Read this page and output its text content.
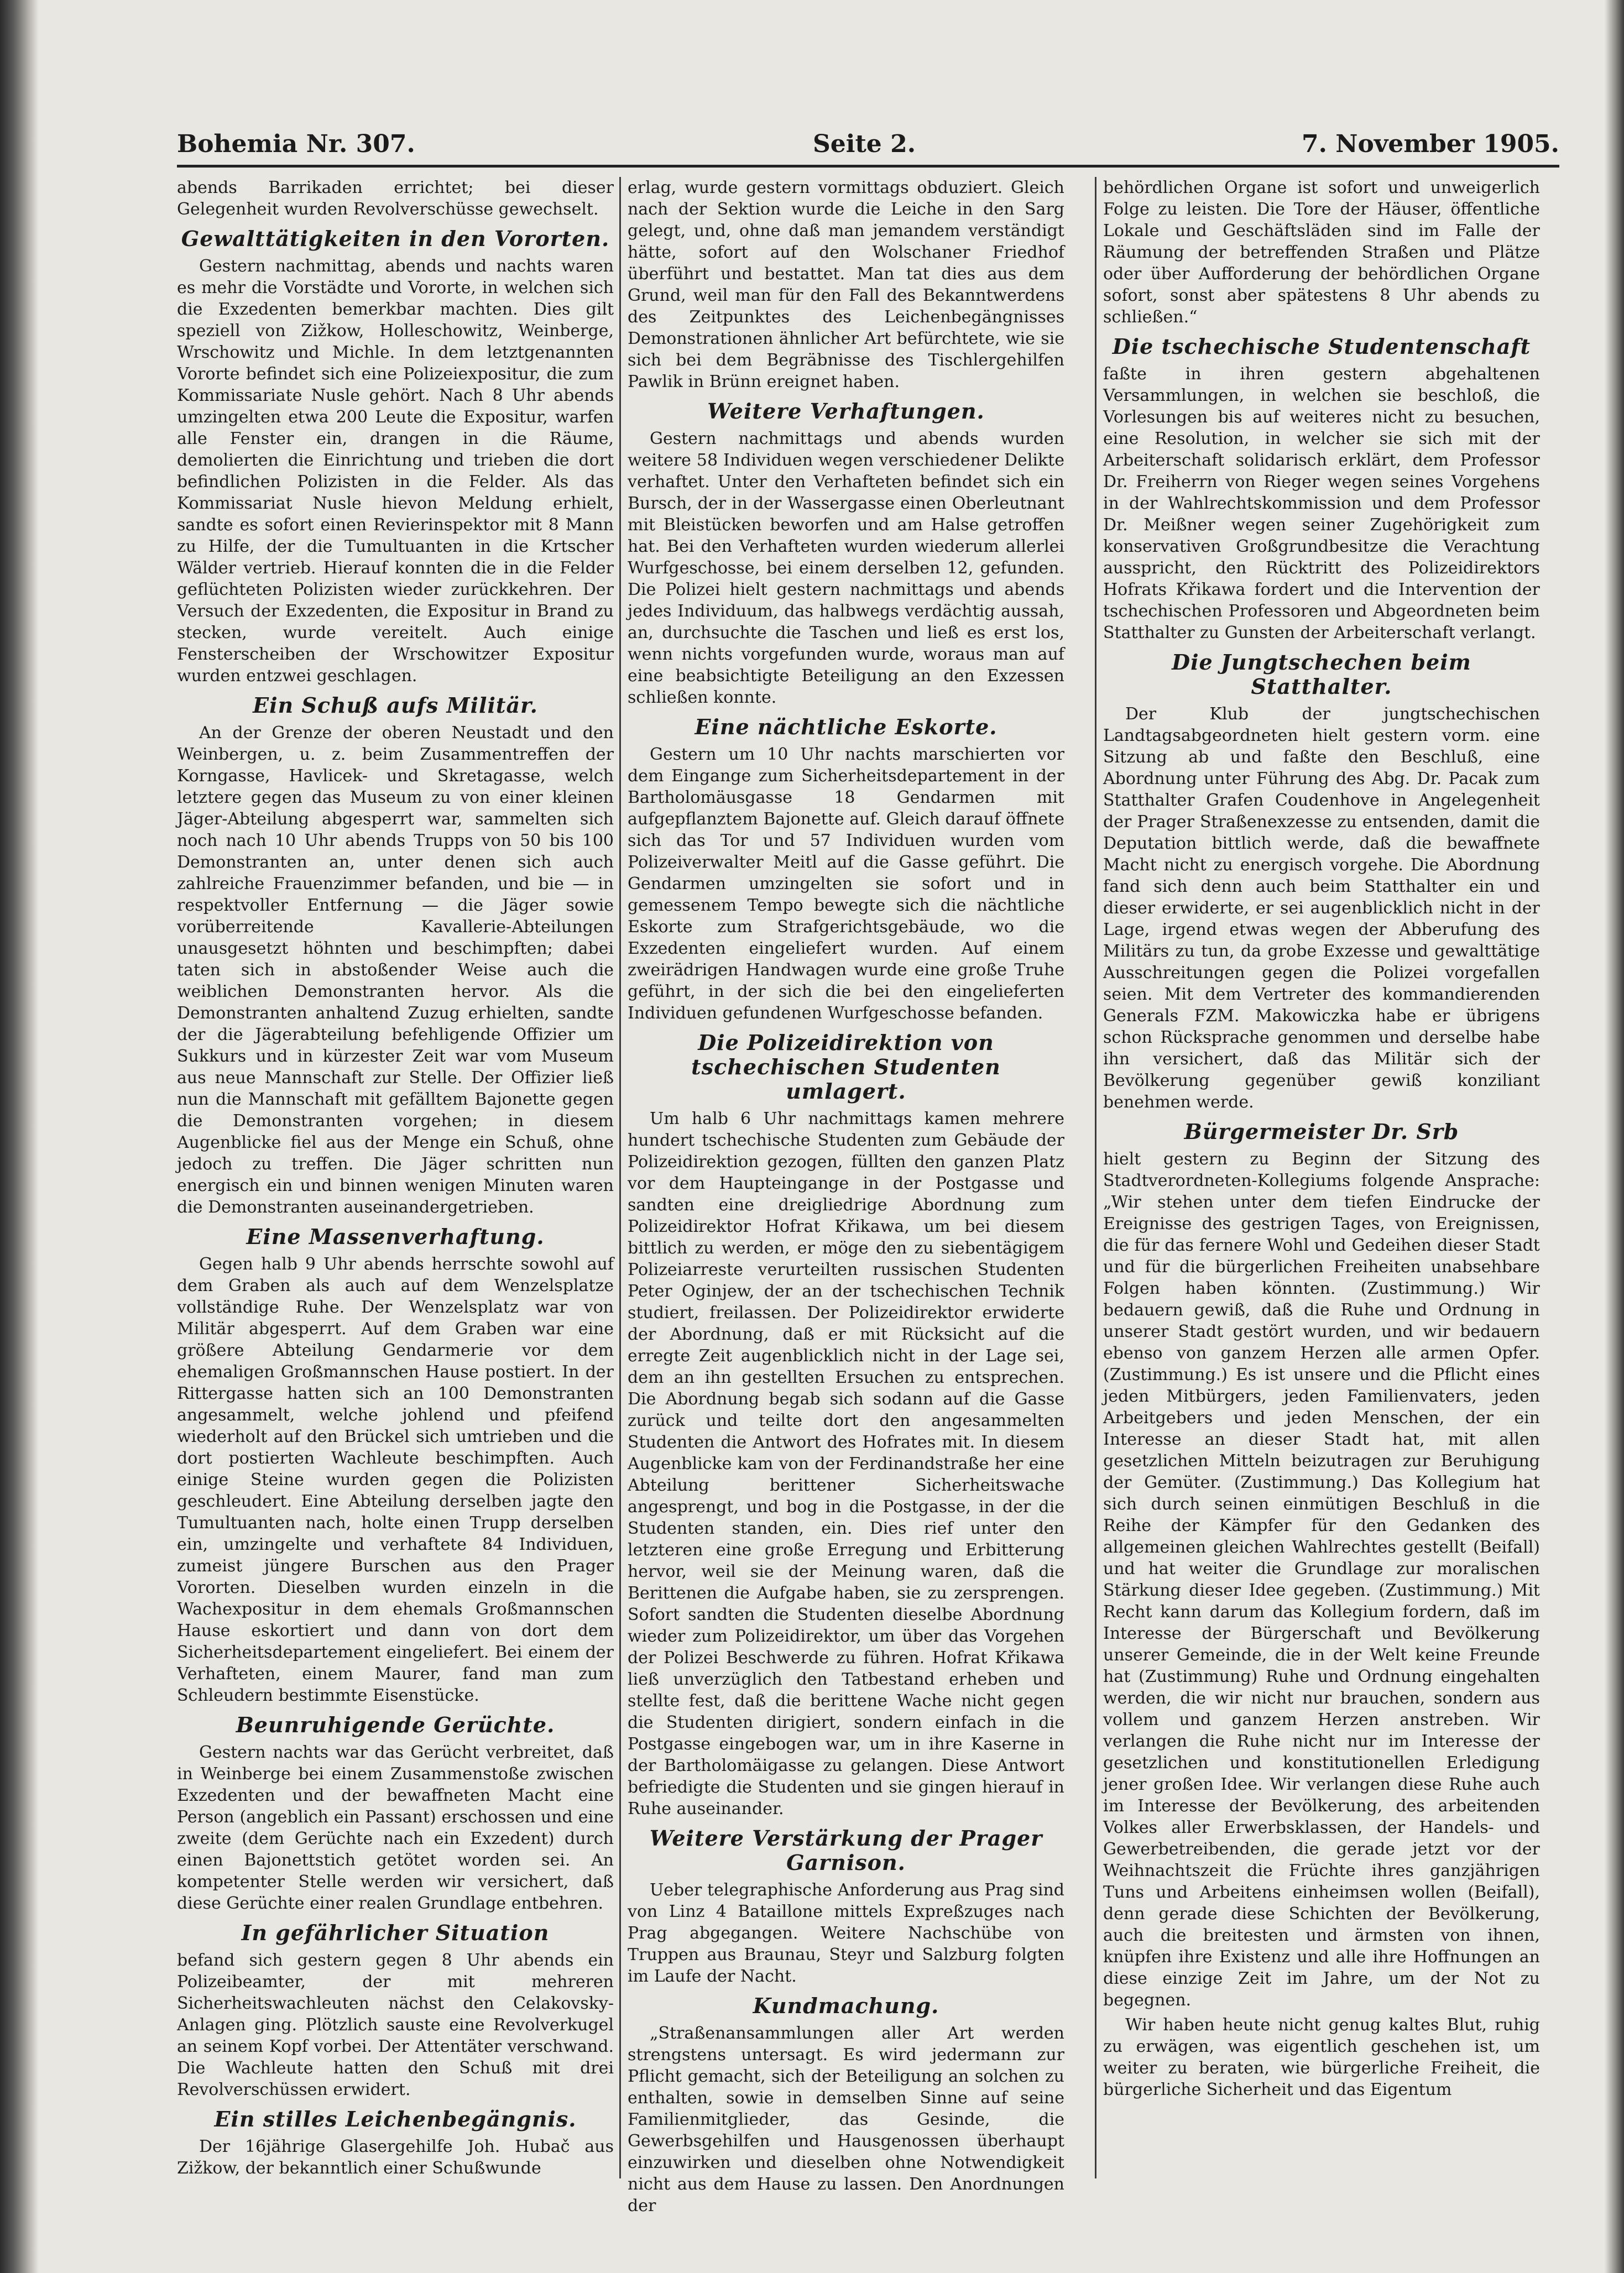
Bohemia Nr. 307.	Seite 2.	7. November 1905.

abends Barrikaden errichtet; bei dieser Gelegenheit wurden Revolverschüsse gewechselt.

Gewalttätigkeiten in den Vororten.

Gestern nachmittag, abends und nachts waren es mehr die Vorstädte und Vororte, in welchen sich die Exzedenten bemerkbar machten. Dies gilt speziell von Zižkow, Holleschowitz, Weinberge, Wrschowitz und Michle. In dem letztgenannten Vororte befindet sich eine Polizeiexpositur, die zum Kommissariate Nusle gehört. Nach 8 Uhr abends umzingelten etwa 200 Leute die Expositur, warfen alle Fenster ein, drangen in die Räume, demolierten die Einrichtung und trieben die dort befindlichen Polizisten in die Felder. Als das Kommissariat Nusle hievon Meldung erhielt, sandte es sofort einen Revierinspektor mit 8 Mann zu Hilfe, der die Tumultuanten in die Krtscher Wälder vertrieb. Hierauf konnten die in die Felder geflüchteten Polizisten wieder zurückkehren. Der Versuch der Exzedenten, die Expositur in Brand zu stecken, wurde vereitelt. Auch einige Fensterscheiben der Wrschowitzer Expositur wurden entzwei geschlagen.

Ein Schuß aufs Militär.

An der Grenze der oberen Neustadt und den Weinbergen, u. z. beim Zusammentreffen der Korngasse, Havlicek- und Skretagasse, welch letztere gegen das Museum zu von einer kleinen Jäger-Abteilung abgesperrt war, sammelten sich noch nach 10 Uhr abends Trupps von 50 bis 100 Demonstranten an, unter denen sich auch zahlreiche Frauenzimmer befanden, und bie — in respektvoller Entfernung — die Jäger sowie vorüberreitende Kavallerie-Abteilungen unausgesetzt höhnten und beschimpften; dabei taten sich in abstoßender Weise auch die weiblichen Demonstranten hervor. Als die Demonstranten anhaltend Zuzug erhielten, sandte der die Jägerabteilung befehligende Offizier um Sukkurs und in kürzester Zeit war vom Museum aus neue Mannschaft zur Stelle. Der Offizier ließ nun die Mannschaft mit gefälltem Bajonette gegen die Demonstranten vorgehen; in diesem Augenblicke fiel aus der Menge ein Schuß, ohne jedoch zu treffen. Die Jäger schritten nun energisch ein und binnen wenigen Minuten waren die Demonstranten auseinandergetrieben.

Eine Massenverhaftung.

Gegen halb 9 Uhr abends herrschte sowohl auf dem Graben als auch auf dem Wenzelsplatze vollständige Ruhe. Der Wenzelsplatz war von Militär abgesperrt. Auf dem Graben war eine größere Abteilung Gendarmerie vor dem ehemaligen Großmannschen Hause postiert. In der Rittergasse hatten sich an 100 Demonstranten angesammelt, welche johlend und pfeifend wiederholt auf den Brückel sich umtrieben und die dort postierten Wachleute beschimpften. Auch einige Steine wurden gegen die Polizisten geschleudert. Eine Abteilung derselben jagte den Tumultuanten nach, holte einen Trupp derselben ein, umzingelte und verhaftete 84 Individuen, zumeist jüngere Burschen aus den Prager Vororten. Dieselben wurden einzeln in die Wachexpositur in dem ehemals Großmannschen Hause eskortiert und dann von dort dem Sicherheitsdepartement eingeliefert. Bei einem der Verhafteten, einem Maurer, fand man zum Schleudern bestimmte Eisenstücke.

Beunruhigende Gerüchte.

Gestern nachts war das Gerücht verbreitet, daß in Weinberge bei einem Zusammenstoße zwischen Exzedenten und der bewaffneten Macht eine Person (angeblich ein Passant) erschossen und eine zweite (dem Gerüchte nach ein Exzedent) durch einen Bajonettstich getötet worden sei. An kompetenter Stelle werden wir versichert, daß diese Gerüchte einer realen Grundlage entbehren.

In gefährlicher Situation

befand sich gestern gegen 8 Uhr abends ein Polizeibeamter, der mit mehreren Sicherheitswachleuten nächst den Celakovsky-Anlagen ging. Plötzlich sauste eine Revolverkugel an seinem Kopf vorbei. Der Attentäter verschwand. Die Wachleute hatten den Schuß mit drei Revolverschüssen erwidert.

Ein stilles Leichenbegängnis.

Der 16jährige Glasergehilfe Joh. Hubač aus Zižkow, der bekanntlich einer Schußwunde

erlag, wurde gestern vormittags obduziert. Gleich nach der Sektion wurde die Leiche in den Sarg gelegt, und, ohne daß man jemandem verständigt hätte, sofort auf den Wolschaner Friedhof überführt und bestattet. Man tat dies aus dem Grund, weil man für den Fall des Bekanntwerdens des Zeitpunktes des Leichenbegängnisses Demonstrationen ähnlicher Art befürchtete, wie sie sich bei dem Begräbnisse des Tischlergehilfen Pawlik in Brünn ereignet haben.

Weitere Verhaftungen.

Gestern nachmittags und abends wurden weitere 58 Individuen wegen verschiedener Delikte verhaftet. Unter den Verhafteten befindet sich ein Bursch, der in der Wassergasse einen Oberleutnant mit Bleistücken beworfen und am Halse getroffen hat. Bei den Verhafteten wurden wiederum allerlei Wurfgeschosse, bei einem derselben 12, gefunden. Die Polizei hielt gestern nachmittags und abends jedes Individuum, das halbwegs verdächtig aussah, an, durchsuchte die Taschen und ließ es erst los, wenn nichts vorgefunden wurde, woraus man auf eine beabsichtigte Beteiligung an den Exzessen schließen konnte.

Eine nächtliche Eskorte.

Gestern um 10 Uhr nachts marschierten vor dem Eingange zum Sicherheitsdepartement in der Bartholomäusgasse 18 Gendarmen mit aufgepflanztem Bajonette auf. Gleich darauf öffnete sich das Tor und 57 Individuen wurden vom Polizeiverwalter Meitl auf die Gasse geführt. Die Gendarmen umzingelten sie sofort und in gemessenem Tempo bewegte sich die nächtliche Eskorte zum Strafgerichtsgebäude, wo die Exzedenten eingeliefert wurden. Auf einem zweirädrigen Handwagen wurde eine große Truhe geführt, in der sich die bei den eingelieferten Individuen gefundenen Wurfgeschosse befanden.

Die Polizeidirektion von tschechischen Studenten umlagert.

Um halb 6 Uhr nachmittags kamen mehrere hundert tschechische Studenten zum Gebäude der Polizeidirektion gezogen, füllten den ganzen Platz vor dem Haupteingange in der Postgasse und sandten eine dreigliedrige Abordnung zum Polizeidirektor Hofrat Křikawa, um bei diesem bittlich zu werden, er möge den zu siebentägigem Polizeiarreste verurteilten russischen Studenten Peter Oginjew, der an der tschechischen Technik studiert, freilassen. Der Polizeidirektor erwiderte der Abordnung, daß er mit Rücksicht auf die erregte Zeit augenblicklich nicht in der Lage sei, dem an ihn gestellten Ersuchen zu entsprechen. Die Abordnung begab sich sodann auf die Gasse zurück und teilte dort den angesammelten Studenten die Antwort des Hofrates mit. In diesem Augenblicke kam von der Ferdinandstraße her eine Abteilung berittener Sicherheitswache angesprengt, und bog in die Postgasse, in der die Studenten standen, ein. Dies rief unter den letzteren eine große Erregung und Erbitterung hervor, weil sie der Meinung waren, daß die Berittenen die Aufgabe haben, sie zu zersprengen. Sofort sandten die Studenten dieselbe Abordnung wieder zum Polizeidirektor, um über das Vorgehen der Polizei Beschwerde zu führen. Hofrat Křikawa ließ unverzüglich den Tatbestand erheben und stellte fest, daß die berittene Wache nicht gegen die Studenten dirigiert, sondern einfach in die Postgasse eingebogen war, um in ihre Kaserne in der Bartholomäigasse zu gelangen. Diese Antwort befriedigte die Studenten und sie gingen hierauf in Ruhe auseinander.

Weitere Verstärkung der Prager Garnison.

Ueber telegraphische Anforderung aus Prag sind von Linz 4 Bataillone mittels Expreßzuges nach Prag abgegangen. Weitere Nachschübe von Truppen aus Braunau, Steyr und Salzburg folgten im Laufe der Nacht.

Kundmachung.

„Straßenansammlungen aller Art werden strengstens untersagt. Es wird jedermann zur Pflicht gemacht, sich der Beteiligung an solchen zu enthalten, sowie in demselben Sinne auf seine Familienmitglieder, das Gesinde, die Gewerbsgehilfen und Hausgenossen überhaupt einzuwirken und dieselben ohne Notwendigkeit nicht aus dem Hause zu lassen. Den Anordnungen der

behördlichen Organe ist sofort und unweigerlich Folge zu leisten. Die Tore der Häuser, öffentliche Lokale und Geschäftsläden sind im Falle der Räumung der betreffenden Straßen und Plätze oder über Aufforderung der behördlichen Organe sofort, sonst aber spätestens 8 Uhr abends zu schließen.“

Die tschechische Studentenschaft

faßte in ihren gestern abgehaltenen Versammlungen, in welchen sie beschloß, die Vorlesungen bis auf weiteres nicht zu besuchen, eine Resolution, in welcher sie sich mit der Arbeiterschaft solidarisch erklärt, dem Professor Dr. Freiherrn von Rieger wegen seines Vorgehens in der Wahlrechtskommission und dem Professor Dr. Meißner wegen seiner Zugehörigkeit zum konservativen Großgrundbesitze die Verachtung ausspricht, den Rücktritt des Polizeidirektors Hofrats Křikawa fordert und die Intervention der tschechischen Professoren und Abgeordneten beim Statthalter zu Gunsten der Arbeiterschaft verlangt.

Die Jungtschechen beim Statthalter.

Der Klub der jungtschechischen Landtagsabgeordneten hielt gestern vorm. eine Sitzung ab und faßte den Beschluß, eine Abordnung unter Führung des Abg. Dr. Pacak zum Statthalter Grafen Coudenhove in Angelegenheit der Prager Straßenexzesse zu entsenden, damit die Deputation bittlich werde, daß die bewaffnete Macht nicht zu energisch vorgehe. Die Abordnung fand sich denn auch beim Statthalter ein und dieser erwiderte, er sei augenblicklich nicht in der Lage, irgend etwas wegen der Abberufung des Militärs zu tun, da grobe Exzesse und gewalttätige Ausschreitungen gegen die Polizei vorgefallen seien. Mit dem Vertreter des kommandierenden Generals FZM. Makowiczka habe er übrigens schon Rücksprache genommen und derselbe habe ihn versichert, daß das Militär sich der Bevölkerung gegenüber gewiß konziliant benehmen werde.

Bürgermeister Dr. Srb

hielt gestern zu Beginn der Sitzung des Stadtverordneten-Kollegiums folgende Ansprache: „Wir stehen unter dem tiefen Eindrucke der Ereignisse des gestrigen Tages, von Ereignissen, die für das fernere Wohl und Gedeihen dieser Stadt und für die bürgerlichen Freiheiten unabsehbare Folgen haben könnten. (Zustimmung.) Wir bedauern gewiß, daß die Ruhe und Ordnung in unserer Stadt gestört wurden, und wir bedauern ebenso von ganzem Herzen alle armen Opfer. (Zustimmung.) Es ist unsere und die Pflicht eines jeden Mitbürgers, jeden Familienvaters, jeden Arbeitgebers und jeden Menschen, der ein Interesse an dieser Stadt hat, mit allen gesetzlichen Mitteln beizutragen zur Beruhigung der Gemüter. (Zustimmung.) Das Kollegium hat sich durch seinen einmütigen Beschluß in die Reihe der Kämpfer für den Gedanken des allgemeinen gleichen Wahlrechtes gestellt (Beifall) und hat weiter die Grundlage zur moralischen Stärkung dieser Idee gegeben. (Zustimmung.) Mit Recht kann darum das Kollegium fordern, daß im Interesse der Bürgerschaft und Bevölkerung unserer Gemeinde, die in der Welt keine Freunde hat (Zustimmung) Ruhe und Ordnung eingehalten werden, die wir nicht nur brauchen, sondern aus vollem und ganzem Herzen anstreben. Wir verlangen die Ruhe nicht nur im Interesse der gesetzlichen und konstitutionellen Erledigung jener großen Idee. Wir verlangen diese Ruhe auch im Interesse der Bevölkerung, des arbeitenden Volkes aller Erwerbsklassen, der Handels- und Gewerbetreibenden, die gerade jetzt vor der Weihnachtszeit die Früchte ihres ganzjährigen Tuns und Arbeitens einheimsen wollen (Beifall), denn gerade diese Schichten der Bevölkerung, auch die breitesten und ärmsten von ihnen, knüpfen ihre Existenz und alle ihre Hoffnungen an diese einzige Zeit im Jahre, um der Not zu begegnen.

Wir haben heute nicht genug kaltes Blut, ruhig zu erwägen, was eigentlich geschehen ist, um weiter zu beraten, wie bürgerliche Freiheit, die bürgerliche Sicherheit und das Eigentum
